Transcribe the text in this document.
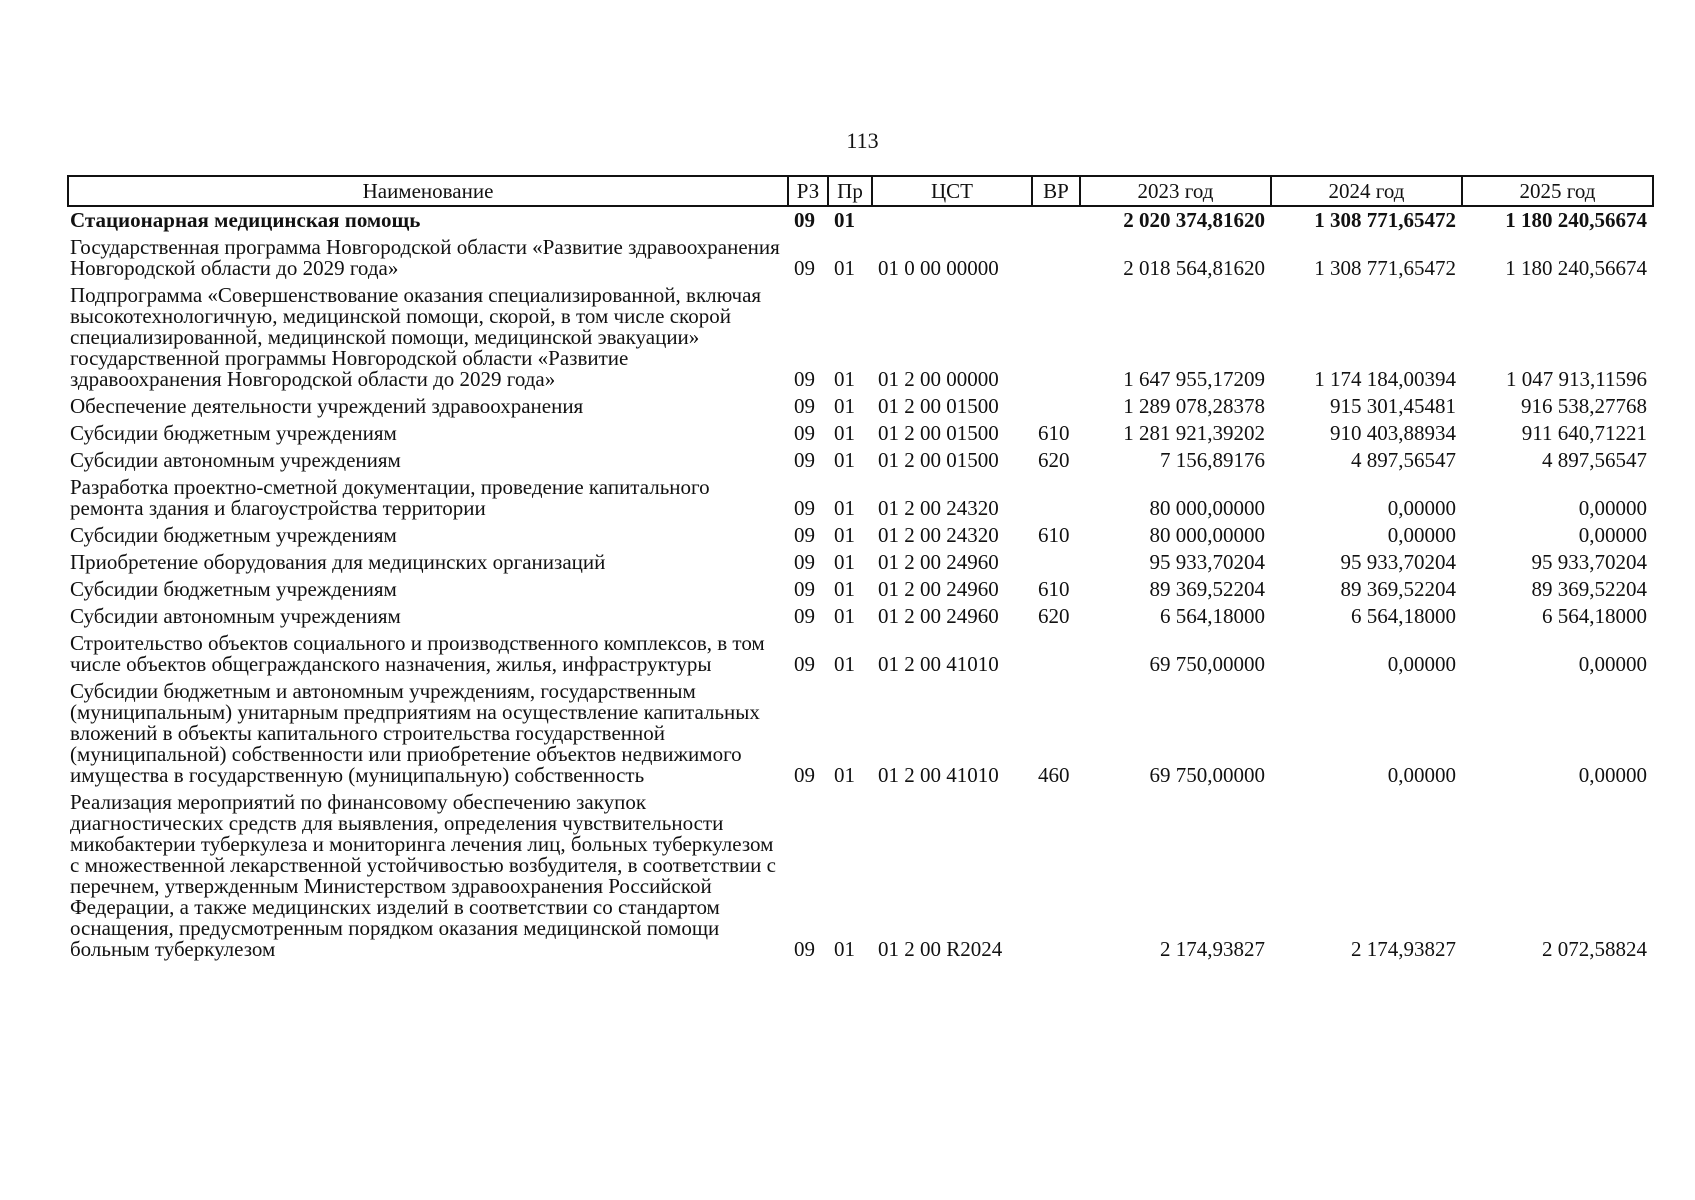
113
Наименование	РЗ	Пр	ЦСТ	ВР	2023 год	2024 год	2025 год
Стационарная медицинская помощь	09	01			2 020 374,81620	1 308 771,65472	1 180 240,56674
Государственная программа Новгородской области «Развитие здравоохранения Новгородской области до 2029 года»	09	01	01 0 00 00000		2 018 564,81620	1 308 771,65472	1 180 240,56674
Подпрограмма «Совершенствование оказания специализированной, включая высокотехнологичную, медицинской помощи, скорой, в том числе скорой специализированной, медицинской помощи, медицинской эвакуации» государственной программы Новгородской области «Развитие здравоохранения Новгородской области до 2029 года»	09	01	01 2 00 00000		1 647 955,17209	1 174 184,00394	1 047 913,11596
Обеспечение деятельности учреждений здравоохранения	09	01	01 2 00 01500		1 289 078,28378	915 301,45481	916 538,27768
Субсидии бюджетным учреждениям	09	01	01 2 00 01500	610	1 281 921,39202	910 403,88934	911 640,71221
Субсидии автономным учреждениям	09	01	01 2 00 01500	620	7 156,89176	4 897,56547	4 897,56547
Разработка проектно-сметной документации, проведение капитального ремонта здания и благоустройства территории	09	01	01 2 00 24320		80 000,00000	0,00000	0,00000
Субсидии бюджетным учреждениям	09	01	01 2 00 24320	610	80 000,00000	0,00000	0,00000
Приобретение оборудования для медицинских организаций	09	01	01 2 00 24960		95 933,70204	95 933,70204	95 933,70204
Субсидии бюджетным учреждениям	09	01	01 2 00 24960	610	89 369,52204	89 369,52204	89 369,52204
Субсидии автономным учреждениям	09	01	01 2 00 24960	620	6 564,18000	6 564,18000	6 564,18000
Строительство объектов социального и производственного комплексов, в том числе объектов общегражданского назначения, жилья, инфраструктуры	09	01	01 2 00 41010		69 750,00000	0,00000	0,00000
Субсидии бюджетным и автономным учреждениям, государственным (муниципальным) унитарным предприятиям на осуществление капитальных вложений в объекты капитального строительства государственной (муниципальной) собственности или приобретение объектов недвижимого имущества в государственную (муниципальную) собственность	09	01	01 2 00 41010	460	69 750,00000	0,00000	0,00000
Реализация мероприятий по финансовому обеспечению закупок диагностических средств для выявления, определения чувствительности микобактерии туберкулеза и мониторинга лечения лиц, больных туберкулезом с множественной лекарственной устойчивостью возбудителя, в соответствии с перечнем, утвержденным Министерством здравоохранения Российской Федерации, а также медицинских изделий в соответствии со стандартом оснащения, предусмотренным порядком оказания медицинской помощи больным туберкулезом	09	01	01 2 00 R2024		2 174,93827	2 174,93827	2 072,58824
